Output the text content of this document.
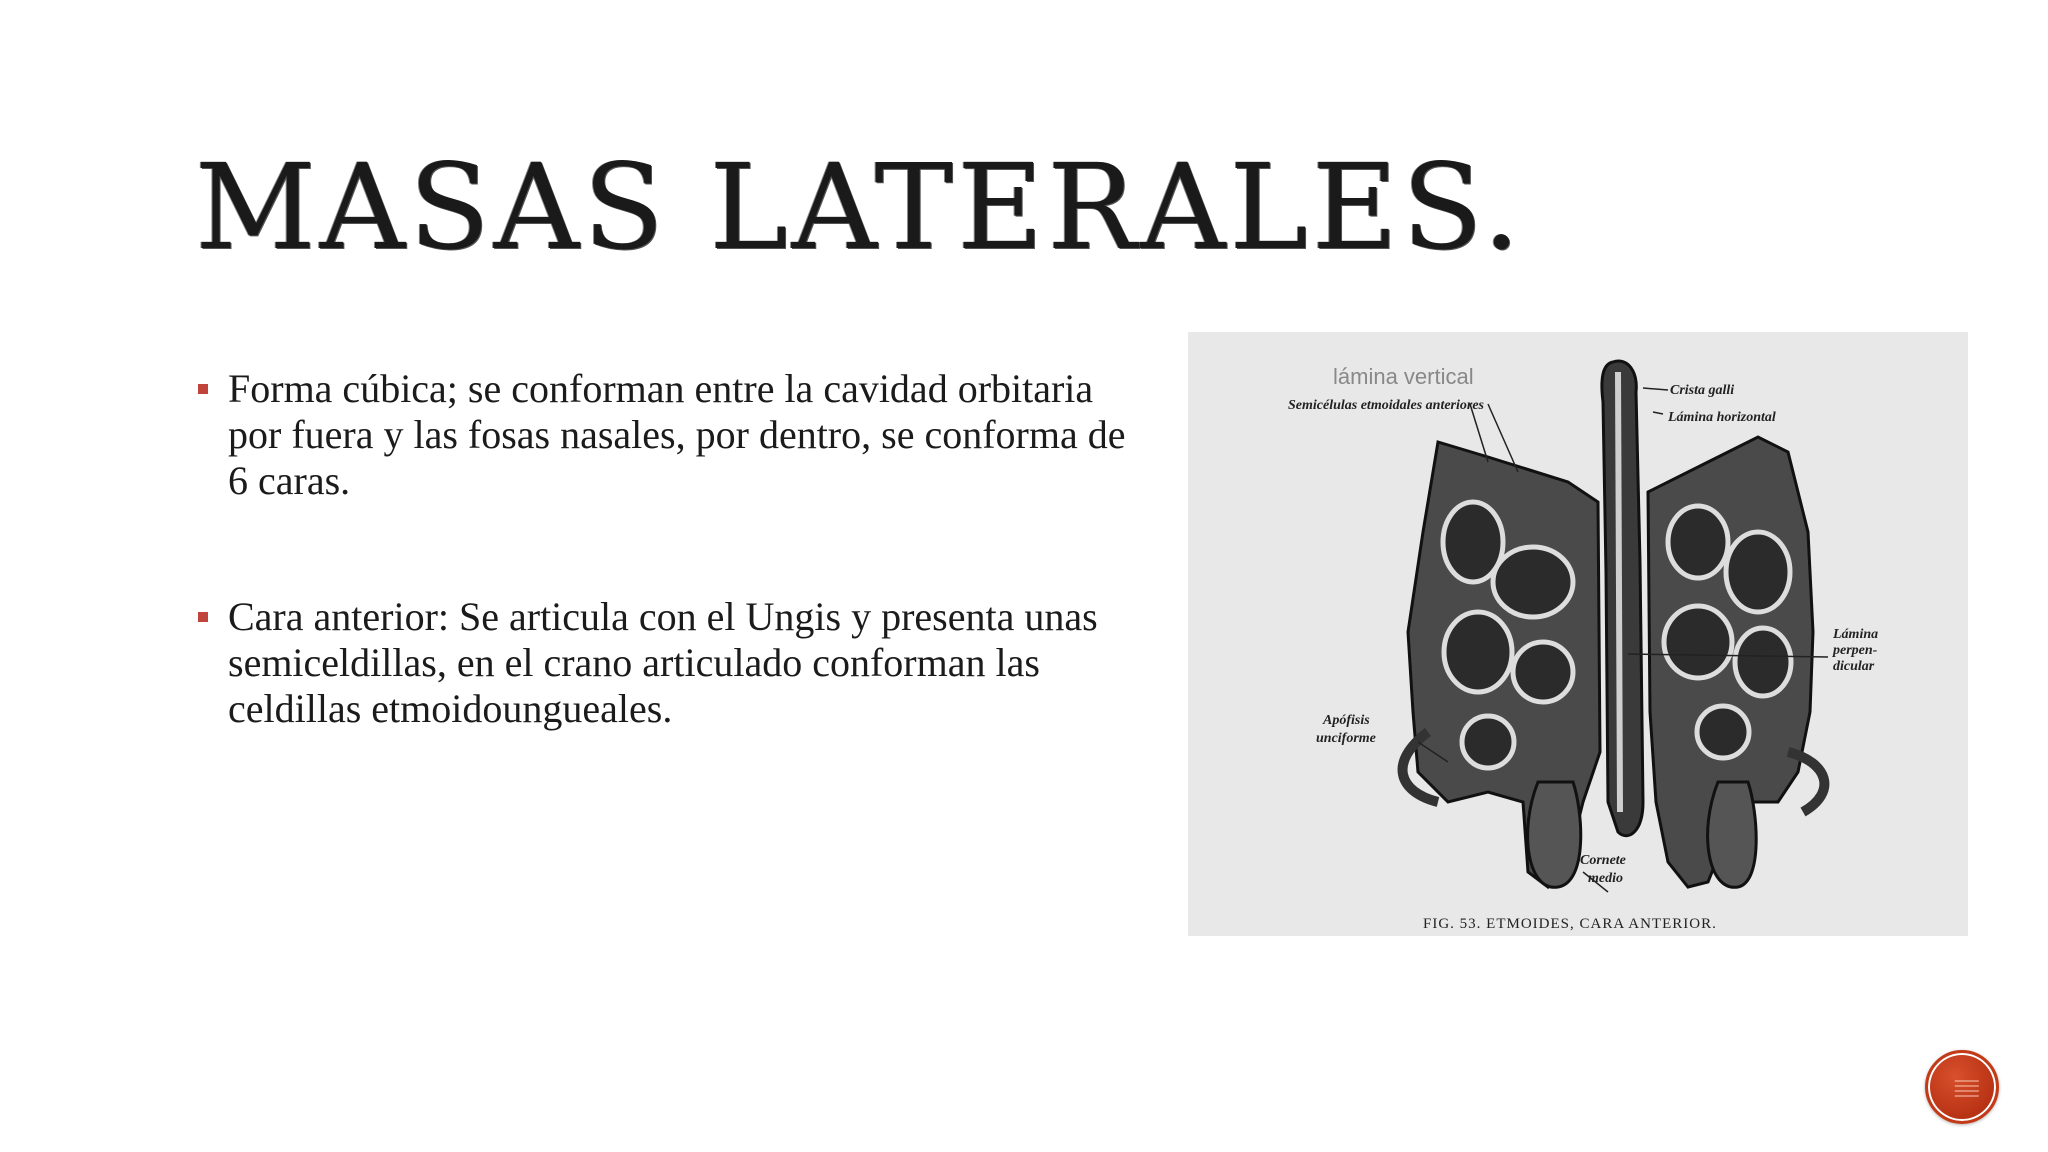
MASAS LATERALES.
Forma cúbica; se conforman entre la cavidad orbitaria por fuera y las fosas nasales, por dentro, se conforma de 6 caras.
Cara anterior: Se articula con el Ungis y presenta unas semiceldillas, en el crano articulado conforman las celdillas etmoidoungueales.
lámina vertical
Semicélulas etmoidales anteriores
Crista galli
Lámina horizontal
Lámina
perpen-
dicular
Apófisis
unciforme
Cornete
medio
FIG. 53. ETMOIDES, CARA ANTERIOR.
